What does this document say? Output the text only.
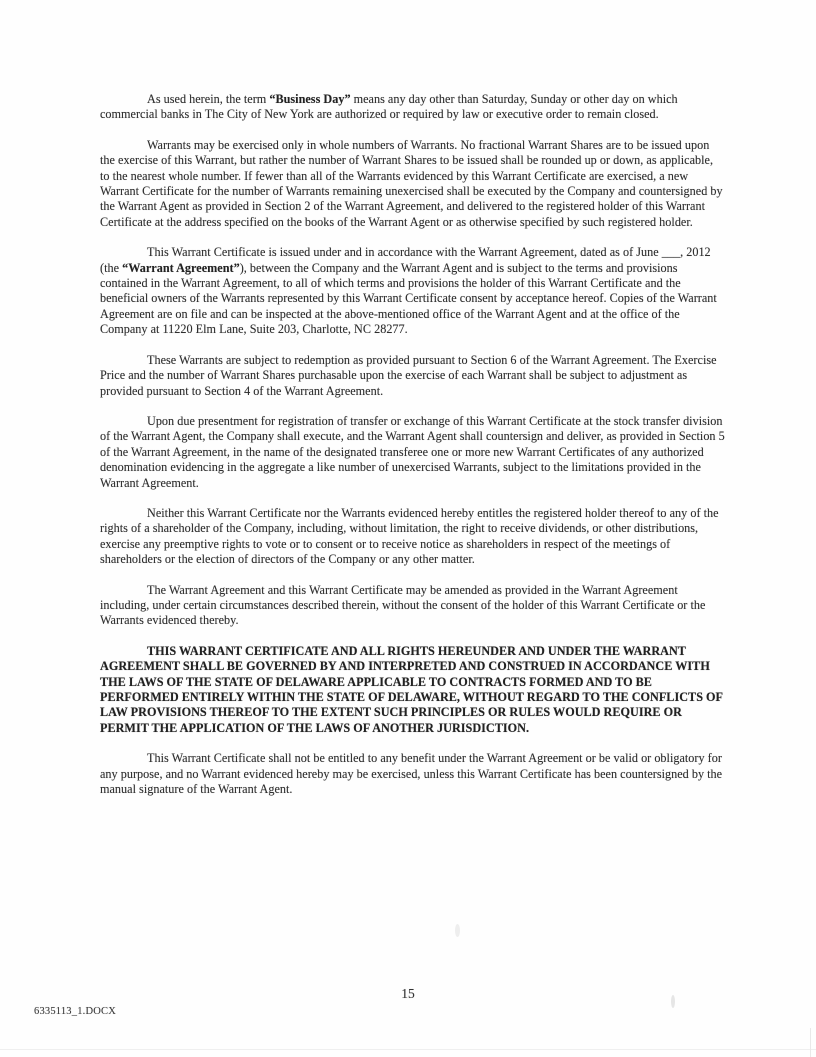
As used herein, the term “Business Day” means any day other than Saturday, Sunday or other day on which commercial banks in The City of New York are authorized or required by law or executive order to remain closed.

Warrants may be exercised only in whole numbers of Warrants. No fractional Warrant Shares are to be issued upon the exercise of this Warrant, but rather the number of Warrant Shares to be issued shall be rounded up or down, as applicable, to the nearest whole number. If fewer than all of the Warrants evidenced by this Warrant Certificate are exercised, a new Warrant Certificate for the number of Warrants remaining unexercised shall be executed by the Company and countersigned by the Warrant Agent as provided in Section 2 of the Warrant Agreement, and delivered to the registered holder of this Warrant Certificate at the address specified on the books of the Warrant Agent or as otherwise specified by such registered holder.

This Warrant Certificate is issued under and in accordance with the Warrant Agreement, dated as of June ___, 2012 (the “Warrant Agreement”), between the Company and the Warrant Agent and is subject to the terms and provisions contained in the Warrant Agreement, to all of which terms and provisions the holder of this Warrant Certificate and the beneficial owners of the Warrants represented by this Warrant Certificate consent by acceptance hereof. Copies of the Warrant Agreement are on file and can be inspected at the above-mentioned office of the Warrant Agent and at the office of the Company at 11220 Elm Lane, Suite 203, Charlotte, NC 28277.

These Warrants are subject to redemption as provided pursuant to Section 6 of the Warrant Agreement. The Exercise Price and the number of Warrant Shares purchasable upon the exercise of each Warrant shall be subject to adjustment as provided pursuant to Section 4 of the Warrant Agreement.

Upon due presentment for registration of transfer or exchange of this Warrant Certificate at the stock transfer division of the Warrant Agent, the Company shall execute, and the Warrant Agent shall countersign and deliver, as provided in Section 5 of the Warrant Agreement, in the name of the designated transferee one or more new Warrant Certificates of any authorized denomination evidencing in the aggregate a like number of unexercised Warrants, subject to the limitations provided in the Warrant Agreement.

Neither this Warrant Certificate nor the Warrants evidenced hereby entitles the registered holder thereof to any of the rights of a shareholder of the Company, including, without limitation, the right to receive dividends, or other distributions, exercise any preemptive rights to vote or to consent or to receive notice as shareholders in respect of the meetings of shareholders or the election of directors of the Company or any other matter.

The Warrant Agreement and this Warrant Certificate may be amended as provided in the Warrant Agreement including, under certain circumstances described therein, without the consent of the holder of this Warrant Certificate or the Warrants evidenced thereby.

THIS WARRANT CERTIFICATE AND ALL RIGHTS HEREUNDER AND UNDER THE WARRANT AGREEMENT SHALL BE GOVERNED BY AND INTERPRETED AND CONSTRUED IN ACCORDANCE WITH THE LAWS OF THE STATE OF DELAWARE APPLICABLE TO CONTRACTS FORMED AND TO BE PERFORMED ENTIRELY WITHIN THE STATE OF DELAWARE, WITHOUT REGARD TO THE CONFLICTS OF LAW PROVISIONS THEREOF TO THE EXTENT SUCH PRINCIPLES OR RULES WOULD REQUIRE OR PERMIT THE APPLICATION OF THE LAWS OF ANOTHER JURISDICTION.

This Warrant Certificate shall not be entitled to any benefit under the Warrant Agreement or be valid or obligatory for any purpose, and no Warrant evidenced hereby may be exercised, unless this Warrant Certificate has been countersigned by the manual signature of the Warrant Agent.

15
6335113_1.DOCX
